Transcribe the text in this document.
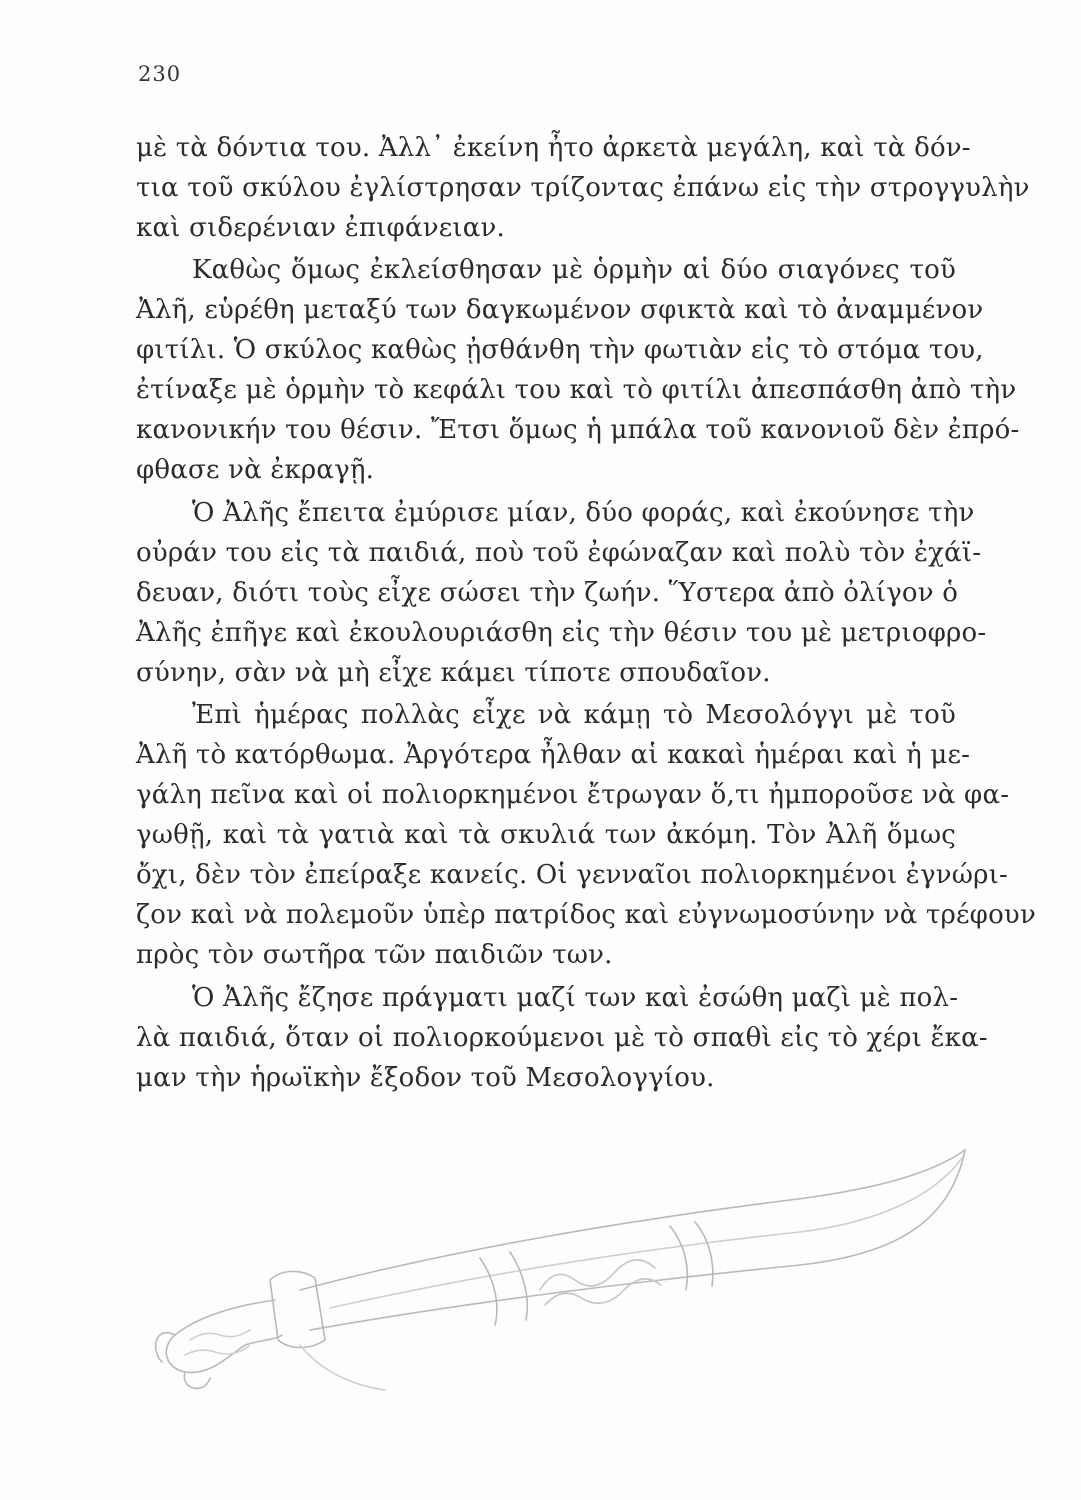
230
μὲ τὰ δόντια του. Ἀλλ᾽ ἐκείνη ἦτο ἀρκετὰ μεγάλη, καὶ τὰ δόν-
τια τοῦ σκύλου ἐγλίστρησαν τρίζοντας ἐπάνω εἰς τὴν στρογγυλὴν
καὶ σιδερένιαν ἐπιφάνειαν.
Καθὼς ὅμως ἐκλείσθησαν μὲ ὁρμὴν αἱ δύο σιαγόνες τοῦ
Ἀλῆ, εὑρέθη μεταξύ των δαγκωμένον σφικτὰ καὶ τὸ ἀναμμένον
φιτίλι. Ὁ σκύλος καθὼς ᾐσθάνθη τὴν φωτιὰν εἰς τὸ στόμα του,
ἐτίναξε μὲ ὁρμὴν τὸ κεφάλι του καὶ τὸ φιτίλι ἀπεσπάσθη ἀπὸ τὴν
κανονικήν του θέσιν. Ἔτσι ὅμως ἡ μπάλα τοῦ κανονιοῦ δὲν ἐπρό-
φθασε νὰ ἐκραγῇ.
Ὁ Ἀλῆς ἔπειτα ἐμύρισε μίαν, δύο φοράς, καὶ ἐκούνησε τὴν
οὐράν του εἰς τὰ παιδιά, ποὺ τοῦ ἐφώναζαν καὶ πολὺ τὸν ἐχάϊ-
δευαν, διότι τοὺς εἶχε σώσει τὴν ζωήν. Ὕστερα ἀπὸ ὀλίγον ὁ
Ἀλῆς ἐπῆγε καὶ ἐκουλουριάσθη εἰς τὴν θέσιν του μὲ μετριοφρο-
σύνην, σὰν νὰ μὴ εἶχε κάμει τίποτε σπουδαῖον.
Ἐπὶ ἡμέρας πολλὰς εἶχε νὰ κάμῃ τὸ Μεσολόγγι μὲ τοῦ
Ἀλῆ τὸ κατόρθωμα. Ἀργότερα ἦλθαν αἱ κακαὶ ἡμέραι καὶ ἡ με-
γάλη πεῖνα καὶ οἱ πολιορκημένοι ἔτρωγαν ὅ,τι ἠμποροῦσε νὰ φα-
γωθῇ, καὶ τὰ γατιὰ καὶ τὰ σκυλιά των ἀκόμη. Τὸν Ἀλῆ ὅμως
ὄχι, δὲν τὸν ἐπείραξε κανείς. Οἱ γενναῖοι πολιορκημένοι ἐγνώρι-
ζον καὶ νὰ πολεμοῦν ὑπὲρ πατρίδος καὶ εὐγνωμοσύνην νὰ τρέφουν
πρὸς τὸν σωτῆρα τῶν παιδιῶν των.
Ὁ Ἀλῆς ἔζησε πράγματι μαζί των καὶ ἐσώθη μαζὶ μὲ πολ-
λὰ παιδιά, ὅταν οἱ πολιορκούμενοι μὲ τὸ σπαθὶ εἰς τὸ χέρι ἔκα-
μαν τὴν ἡρωϊκὴν ἔξοδον τοῦ Μεσολογγίου.
